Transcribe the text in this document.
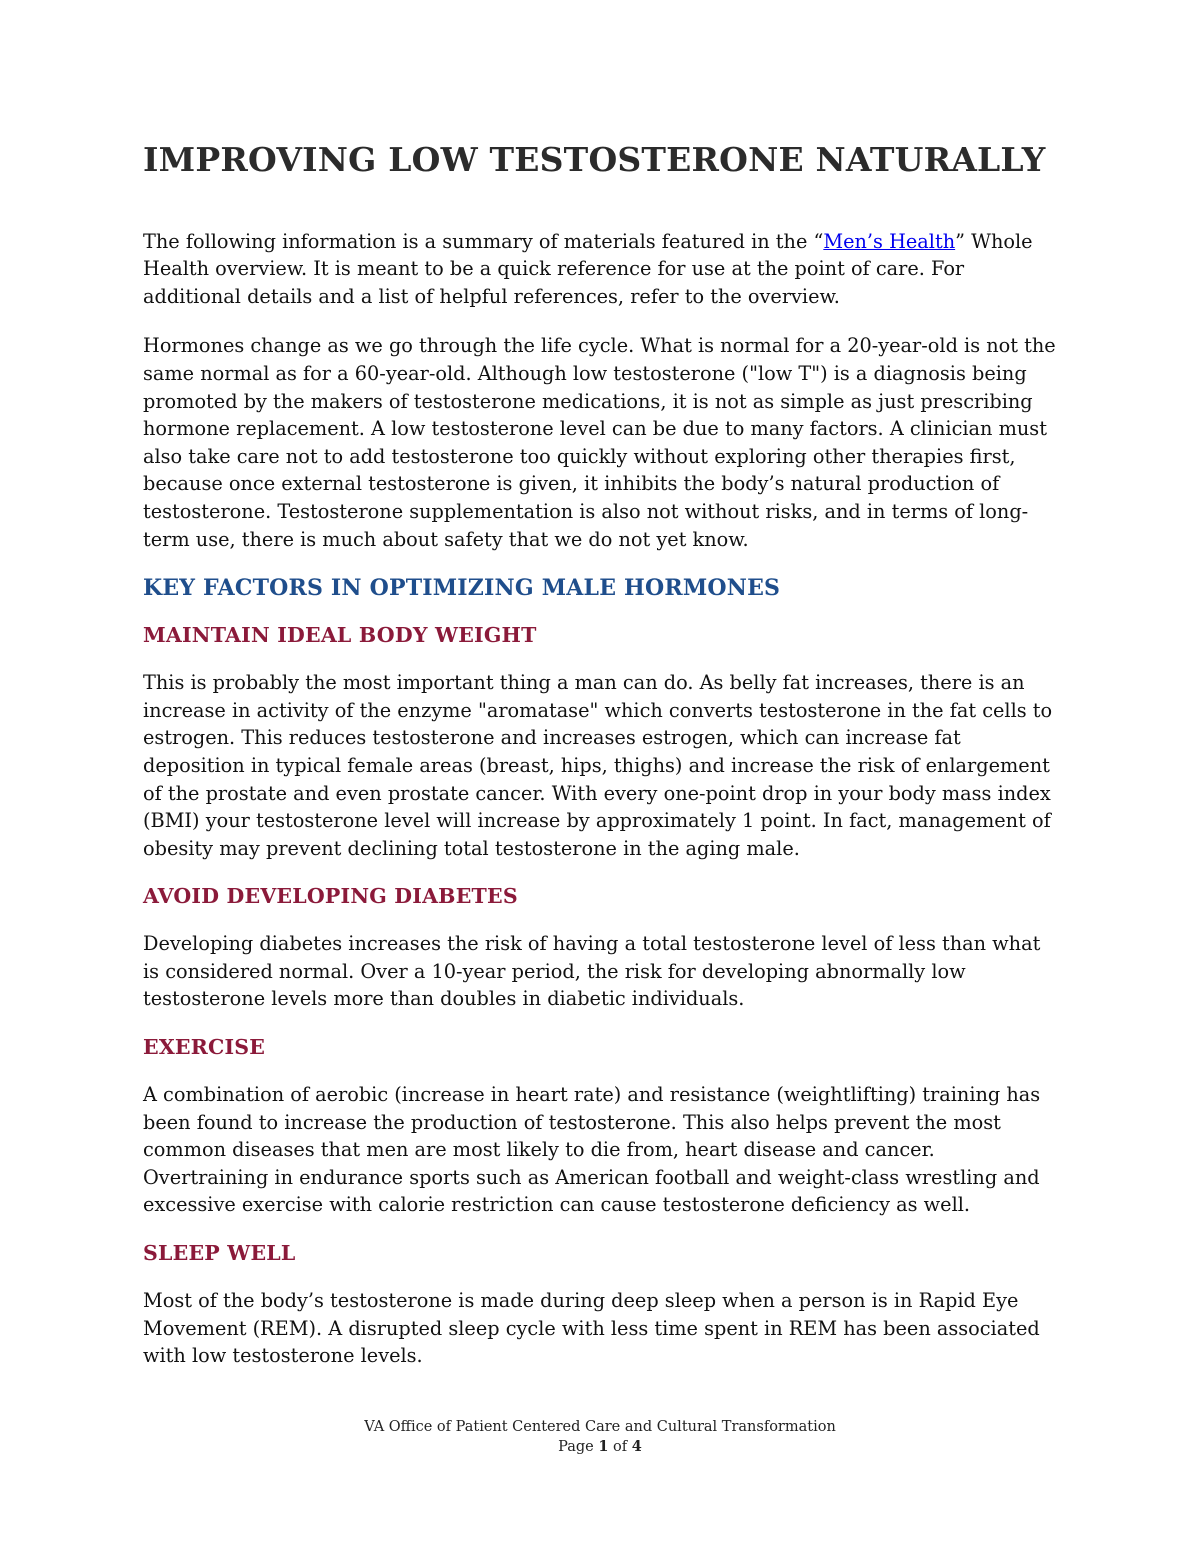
IMPROVING LOW TESTOSTERONE NATURALLY

The following information is a summary of materials featured in the “Men’s Health” Whole Health overview. It is meant to be a quick reference for use at the point of care. For additional details and a list of helpful references, refer to the overview.

Hormones change as we go through the life cycle. What is normal for a 20-year-old is not the same normal as for a 60-year-old. Although low testosterone ("low T") is a diagnosis being promoted by the makers of testosterone medications, it is not as simple as just prescribing hormone replacement. A low testosterone level can be due to many factors. A clinician must also take care not to add testosterone too quickly without exploring other therapies first, because once external testosterone is given, it inhibits the body’s natural production of testosterone. Testosterone supplementation is also not without risks, and in terms of long-term use, there is much about safety that we do not yet know.

KEY FACTORS IN OPTIMIZING MALE HORMONES
MAINTAIN IDEAL BODY WEIGHT

This is probably the most important thing a man can do. As belly fat increases, there is an increase in activity of the enzyme "aromatase" which converts testosterone in the fat cells to estrogen. This reduces testosterone and increases estrogen, which can increase fat deposition in typical female areas (breast, hips, thighs) and increase the risk of enlargement of the prostate and even prostate cancer. With every one-point drop in your body mass index (BMI) your testosterone level will increase by approximately 1 point. In fact, management of obesity may prevent declining total testosterone in the aging male.

AVOID DEVELOPING DIABETES

Developing diabetes increases the risk of having a total testosterone level of less than what is considered normal. Over a 10-year period, the risk for developing abnormally low testosterone levels more than doubles in diabetic individuals.

EXERCISE

A combination of aerobic (increase in heart rate) and resistance (weightlifting) training has been found to increase the production of testosterone. This also helps prevent the most common diseases that men are most likely to die from, heart disease and cancer. Overtraining in endurance sports such as American football and weight-class wrestling and excessive exercise with calorie restriction can cause testosterone deficiency as well.

SLEEP WELL

Most of the body’s testosterone is made during deep sleep when a person is in Rapid Eye Movement (REM). A disrupted sleep cycle with less time spent in REM has been associated with low testosterone levels.

VA Office of Patient Centered Care and Cultural Transformation
Page 1 of 4
